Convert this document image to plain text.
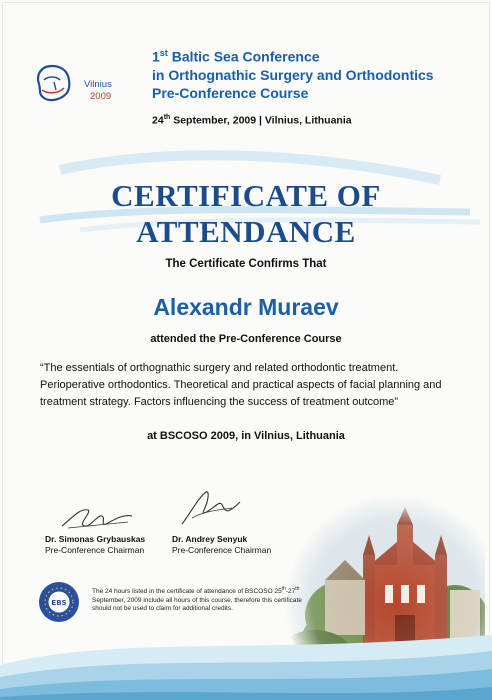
Vilnius
2009
1st Baltic Sea Conference
in Orthognathic Surgery and Orthodontics
Pre-Conference Course
24th September, 2009 | Vilnius, Lithuania
CERTIFICATE OF ATTENDANCE
The Certificate Confirms That
Alexandr Muraev
attended the Pre-Conference Course
“The essentials of orthognathic surgery and related orthodontic treatment. Perioperative orthodontics. Theoretical and practical aspects of facial planning and treatment strategy. Factors influencing the success of treatment outcome”
at BSCOSO 2009, in Vilnius, Lithuania
Dr. Simonas Grybauskas
Pre-Conference Chairman
Dr. Andrey Senyuk
Pre-Conference Chairman
EBS
The 24 hours listed in the certificate of attendance of BSCOSO 25th-27th September, 2009 include all hours of this course, therefore this certificate should not be used to claim for additional credits.
